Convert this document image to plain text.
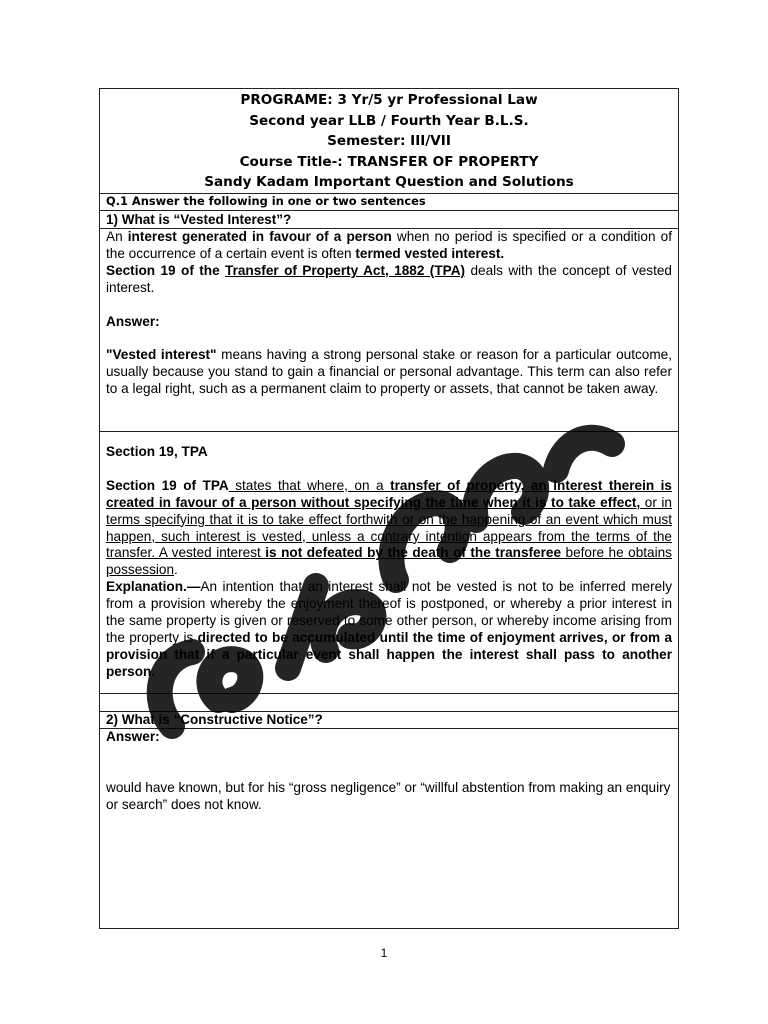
PROGRAME: 3 Yr/5 yr Professional Law
Second year LLB / Fourth Year B.L.S.
Semester: III/VII
Course Title-: TRANSFER OF PROPERTY
Sandy Kadam Important Question and Solutions
Q.1 Answer the following in one or two sentences
1) What is “Vested Interest”?

An interest generated in favour of a person when no period is specified or a condition of the occurrence of a certain event is often termed vested interest.

Section 19 of the Transfer of Property Act, 1882 (TPA) deals with the concept of vested interest.

Answer:

"Vested interest" means having a strong personal stake or reason for a particular outcome, usually because you stand to gain a financial or personal advantage. This term can also refer to a legal right, such as a permanent claim to property or assets, that cannot be taken away.

Section 19, TPA

Section 19 of TPA states that where, on a transfer of property, an interest therein is created in favour of a person without specifying the time when it is to take effect, or in terms specifying that it is to take effect forthwith or on the happening of an event which must happen, such interest is vested, unless a contrary intention appears from the terms of the transfer. A vested interest is not defeated by the death of the transferee before he obtains possession.

Explanation.—An intention that an interest shall not be vested is not to be inferred merely from a provision whereby the enjoyment thereof is postponed, or whereby a prior interest in the same property is given or reserved to some other person, or whereby income arising from the property is directed to be accumulated until the time of enjoyment arrives, or from a provision that if a particular event shall happen the interest shall pass to another person.

2) What is “Constructive Notice”?

Answer:

would have known, but for his “gross negligence” or “willful abstention from making an enquiry or search” does not know.

1
